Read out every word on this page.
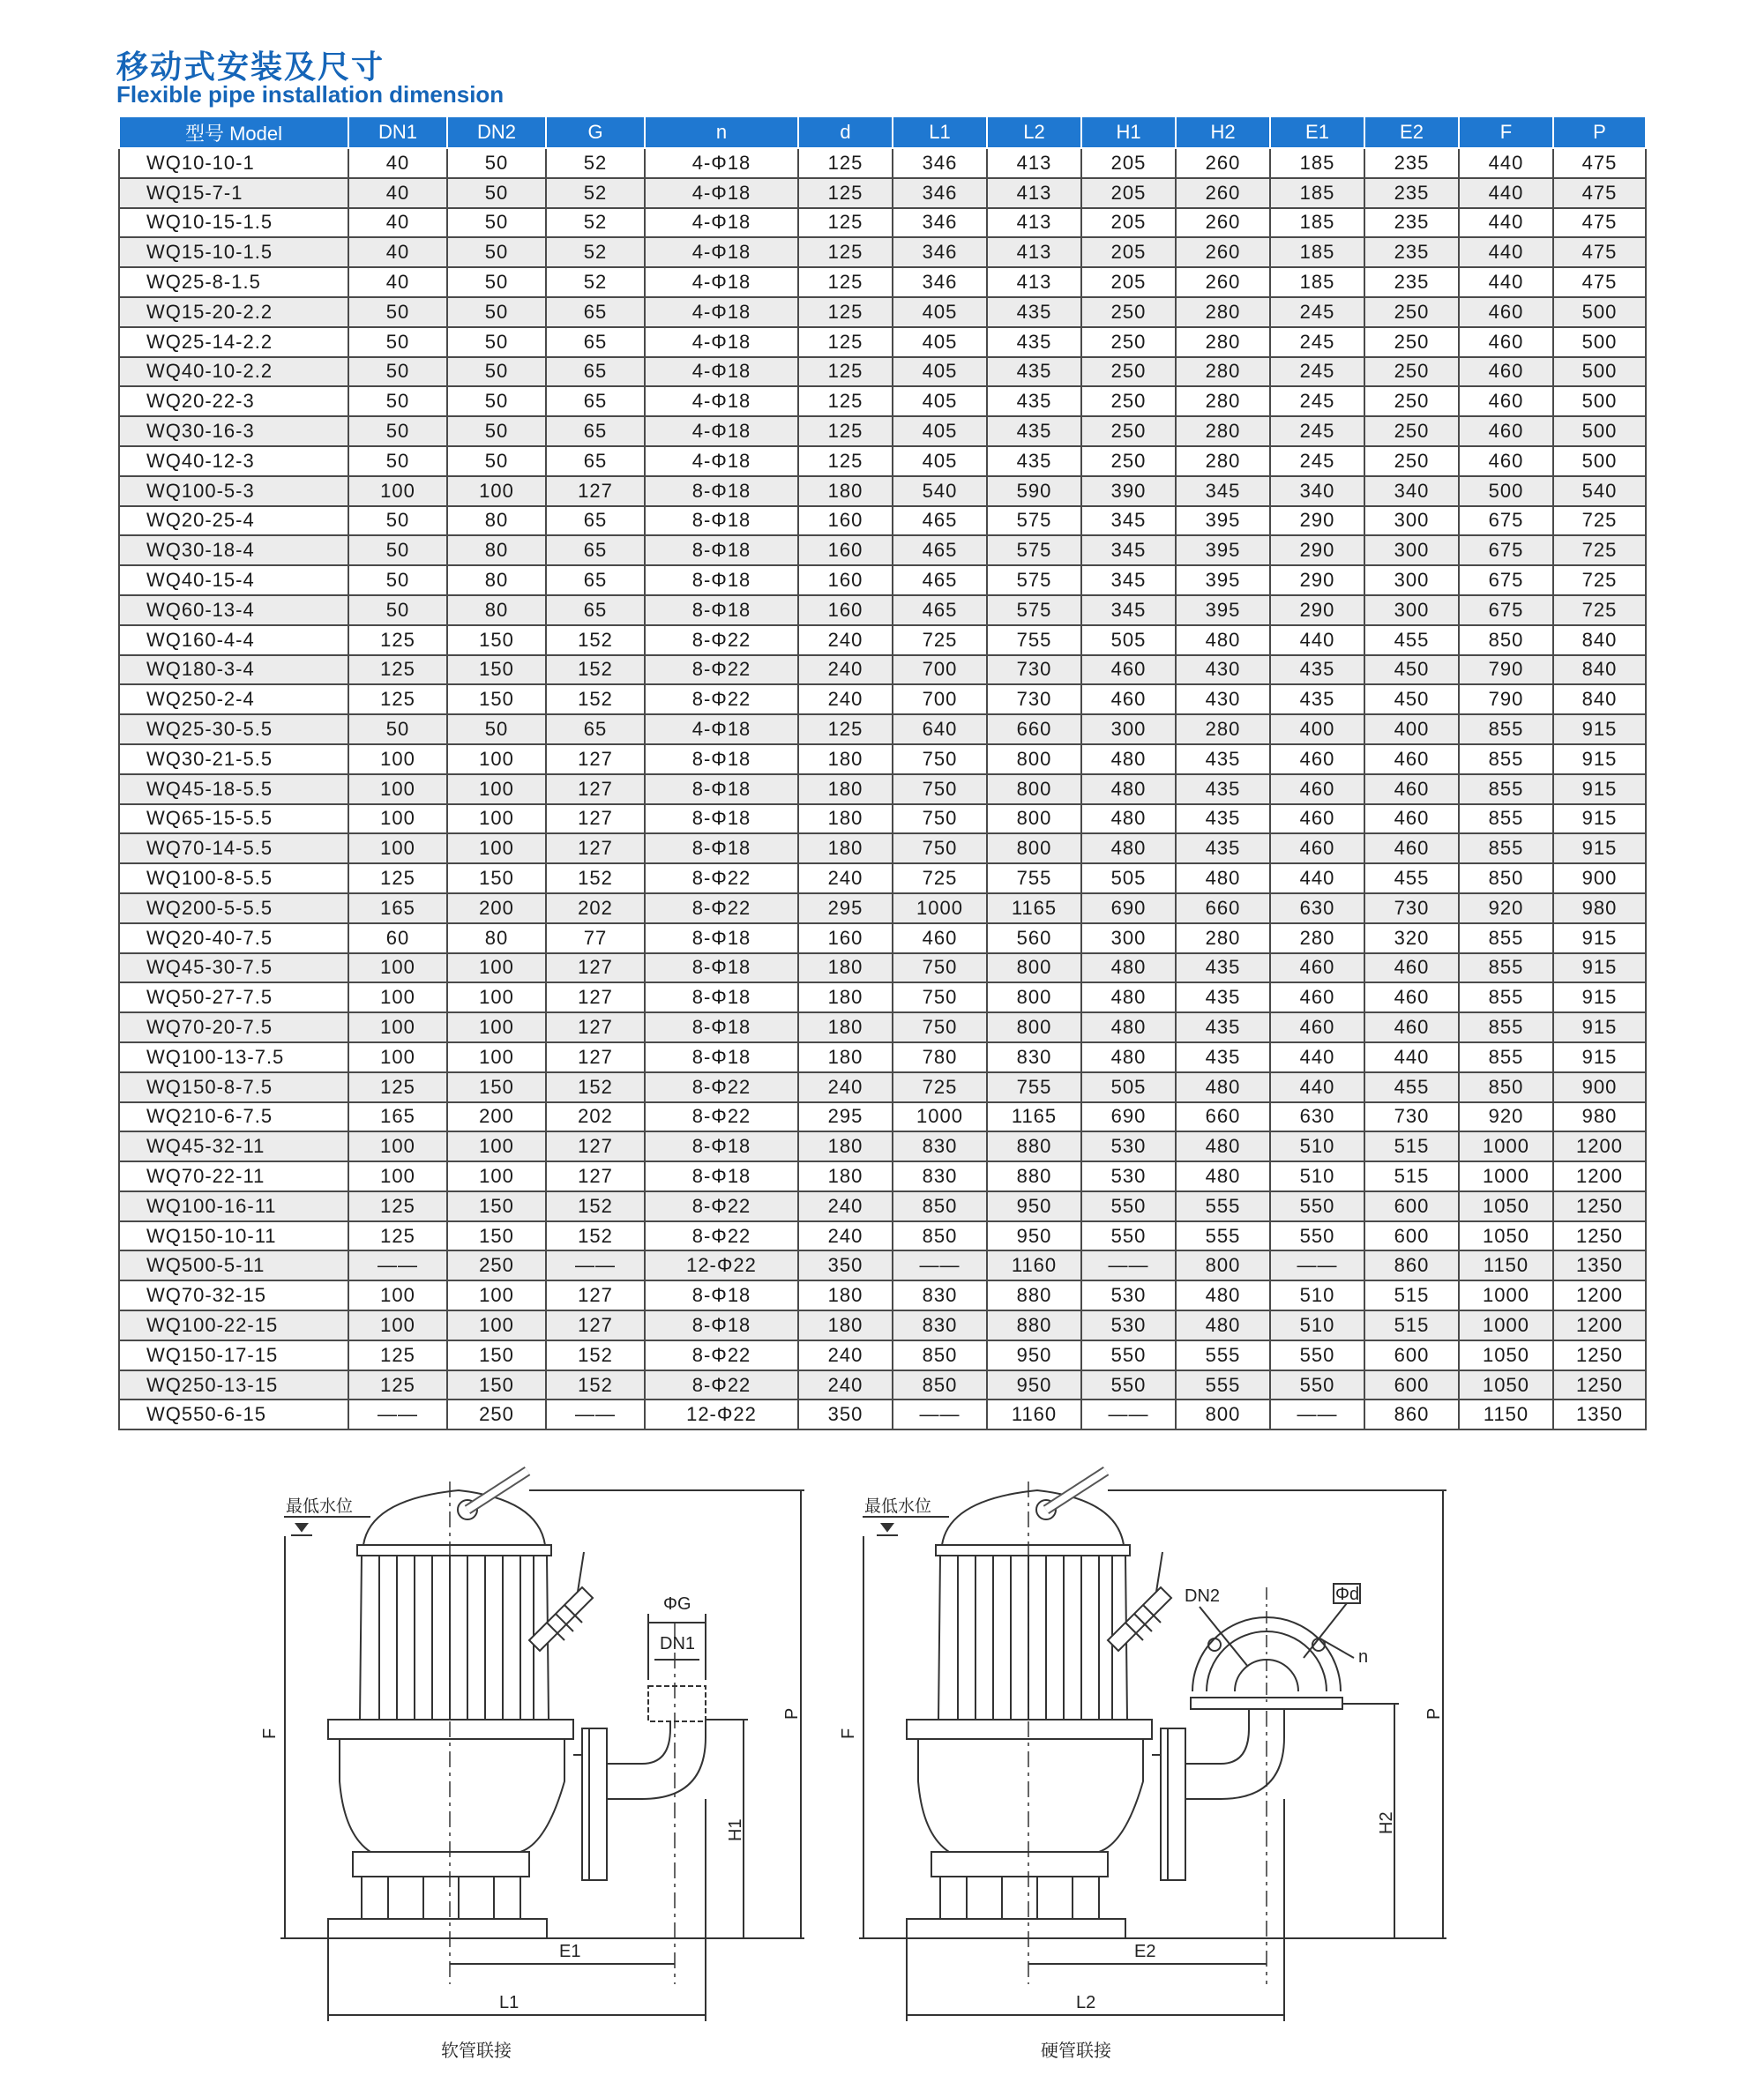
移动式安装及尺寸
Flexible pipe installation dimension
型号 Model	DN1	DN2	G	n	d	L1	L2	H1	H2	E1	E2	F	P
WQ10-10-1	40	50	52	4-Φ18	125	346	413	205	260	185	235	440	475
WQ15-7-1	40	50	52	4-Φ18	125	346	413	205	260	185	235	440	475
WQ10-15-1.5	40	50	52	4-Φ18	125	346	413	205	260	185	235	440	475
WQ15-10-1.5	40	50	52	4-Φ18	125	346	413	205	260	185	235	440	475
WQ25-8-1.5	40	50	52	4-Φ18	125	346	413	205	260	185	235	440	475
WQ15-20-2.2	50	50	65	4-Φ18	125	405	435	250	280	245	250	460	500
WQ25-14-2.2	50	50	65	4-Φ18	125	405	435	250	280	245	250	460	500
WQ40-10-2.2	50	50	65	4-Φ18	125	405	435	250	280	245	250	460	500
WQ20-22-3	50	50	65	4-Φ18	125	405	435	250	280	245	250	460	500
WQ30-16-3	50	50	65	4-Φ18	125	405	435	250	280	245	250	460	500
WQ40-12-3	50	50	65	4-Φ18	125	405	435	250	280	245	250	460	500
WQ100-5-3	100	100	127	8-Φ18	180	540	590	390	345	340	340	500	540
WQ20-25-4	50	80	65	8-Φ18	160	465	575	345	395	290	300	675	725
WQ30-18-4	50	80	65	8-Φ18	160	465	575	345	395	290	300	675	725
WQ40-15-4	50	80	65	8-Φ18	160	465	575	345	395	290	300	675	725
WQ60-13-4	50	80	65	8-Φ18	160	465	575	345	395	290	300	675	725
WQ160-4-4	125	150	152	8-Φ22	240	725	755	505	480	440	455	850	840
WQ180-3-4	125	150	152	8-Φ22	240	700	730	460	430	435	450	790	840
WQ250-2-4	125	150	152	8-Φ22	240	700	730	460	430	435	450	790	840
WQ25-30-5.5	50	50	65	4-Φ18	125	640	660	300	280	400	400	855	915
WQ30-21-5.5	100	100	127	8-Φ18	180	750	800	480	435	460	460	855	915
WQ45-18-5.5	100	100	127	8-Φ18	180	750	800	480	435	460	460	855	915
WQ65-15-5.5	100	100	127	8-Φ18	180	750	800	480	435	460	460	855	915
WQ70-14-5.5	100	100	127	8-Φ18	180	750	800	480	435	460	460	855	915
WQ100-8-5.5	125	150	152	8-Φ22	240	725	755	505	480	440	455	850	900
WQ200-5-5.5	165	200	202	8-Φ22	295	1000	1165	690	660	630	730	920	980
WQ20-40-7.5	60	80	77	8-Φ18	160	460	560	300	280	280	320	855	915
WQ45-30-7.5	100	100	127	8-Φ18	180	750	800	480	435	460	460	855	915
WQ50-27-7.5	100	100	127	8-Φ18	180	750	800	480	435	460	460	855	915
WQ70-20-7.5	100	100	127	8-Φ18	180	750	800	480	435	460	460	855	915
WQ100-13-7.5	100	100	127	8-Φ18	180	780	830	480	435	440	440	855	915
WQ150-8-7.5	125	150	152	8-Φ22	240	725	755	505	480	440	455	850	900
WQ210-6-7.5	165	200	202	8-Φ22	295	1000	1165	690	660	630	730	920	980
WQ45-32-11	100	100	127	8-Φ18	180	830	880	530	480	510	515	1000	1200
WQ70-22-11	100	100	127	8-Φ18	180	830	880	530	480	510	515	1000	1200
WQ100-16-11	125	150	152	8-Φ22	240	850	950	550	555	550	600	1050	1250
WQ150-10-11	125	150	152	8-Φ22	240	850	950	550	555	550	600	1050	1250
WQ500-5-11	——	250	——	12-Φ22	350	——	1160	——	800	——	860	1150	1350
WQ70-32-15	100	100	127	8-Φ18	180	830	880	530	480	510	515	1000	1200
WQ100-22-15	100	100	127	8-Φ18	180	830	880	530	480	510	515	1000	1200
WQ150-17-15	125	150	152	8-Φ22	240	850	950	550	555	550	600	1050	1250
WQ250-13-15	125	150	152	8-Φ22	240	850	950	550	555	550	600	1050	1250
WQ550-6-15	——	250	——	12-Φ22	350	——	1160	——	800	——	860	1150	1350
最低水位
ΦG
DN1
F
P
H1
E1
L1
软管联接
最低水位
DN2	Φd
n
F
P
H2
E2
L2
硬管联接
